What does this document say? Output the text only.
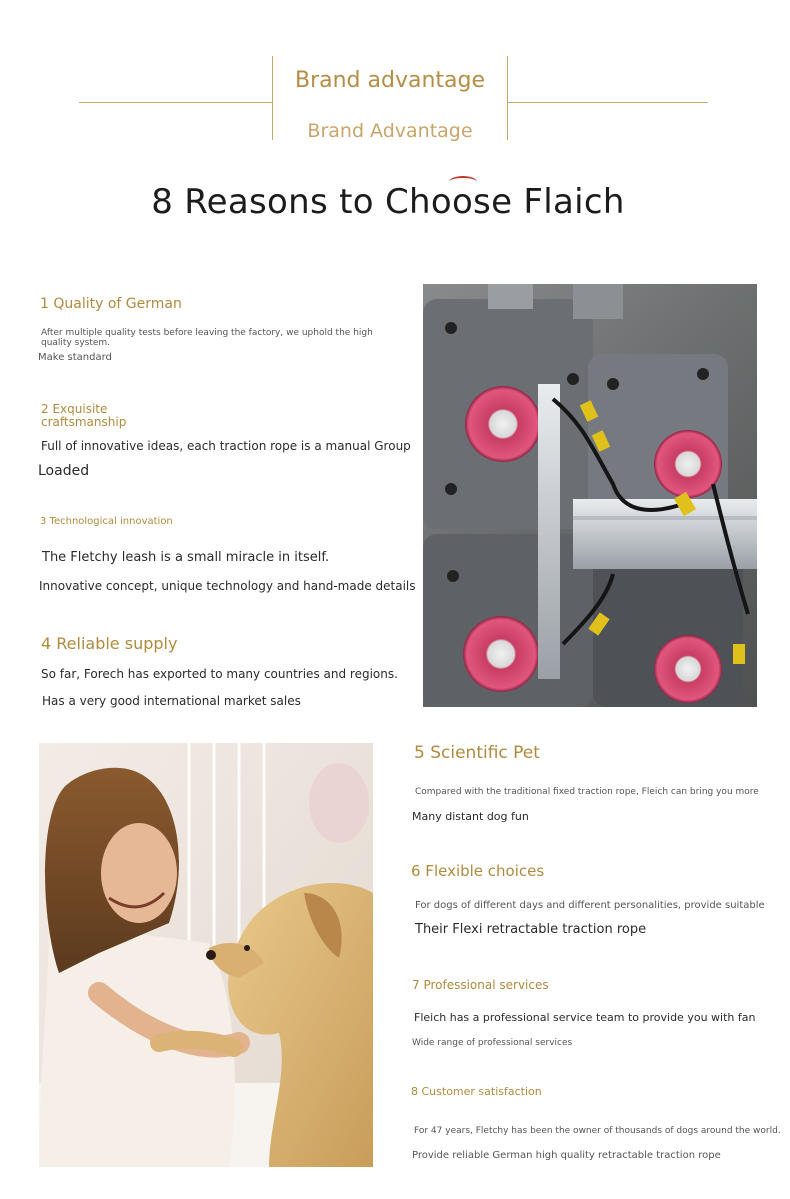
Brand advantage
Brand Advantage
8 Reasons to Choose Flaich
1 Quality of German
After multiple quality tests before leaving the factory, we uphold the high quality system.
Make standard
2 Exquisite craftsmanship
Full of innovative ideas, each traction rope is a manual Group
Loaded
3 Technological innovation
The Fletchy leash is a small miracle in itself.
Innovative concept, unique technology and hand-made details
4 Reliable supply
So far, Forech has exported to many countries and regions.
Has a very good international market sales
5 Scientific Pet
Compared with the traditional fixed traction rope, Fleich can bring you more
Many distant dog fun
6 Flexible choices
For dogs of different days and different personalities, provide suitable
Their Flexi retractable traction rope
7 Professional services
Fleich has a professional service team to provide you with fan
Wide range of professional services
8 Customer satisfaction
For 47 years, Fletchy has been the owner of thousands of dogs around the world.
Provide reliable German high quality retractable traction rope
